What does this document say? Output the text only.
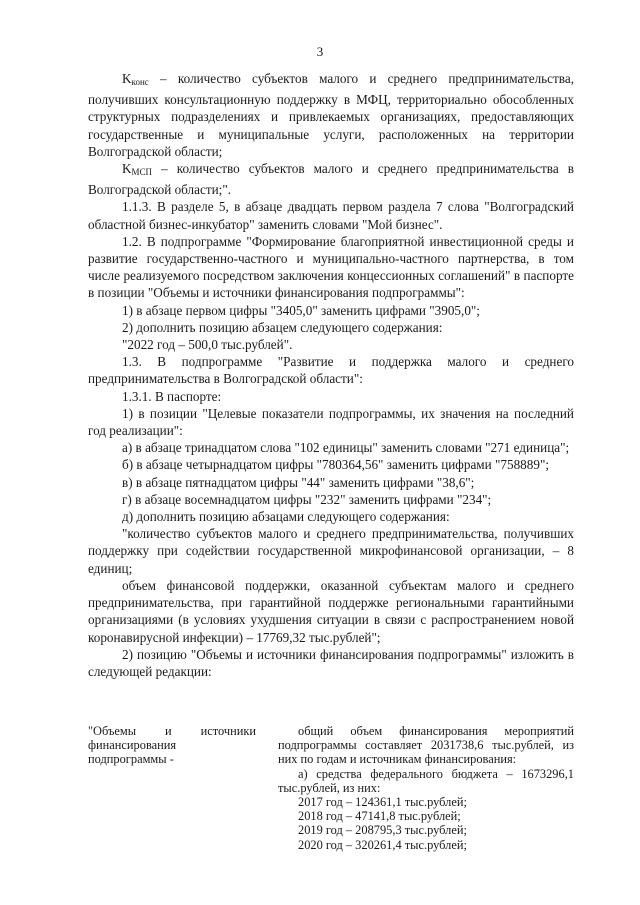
3

$K_{конс}$ – количество субъектов малого и среднего предпринимательства, получивших консультационную поддержку в МФЦ, территориально обособленных структурных подразделениях и привлекаемых организациях, предоставляющих государственные и муниципальные услуги, расположенных на территории Волгоградской области;

$K_{МСП}$ – количество субъектов малого и среднего предпринимательства в Волгоградской области;".

1.1.3. В разделе 5, в абзаце двадцать первом раздела 7 слова "Волгоградский областной бизнес-инкубатор" заменить словами "Мой бизнес".

1.2. В подпрограмме "Формирование благоприятной инвестиционной среды и развитие государственно-частного и муниципально-частного партнерства, в том числе реализуемого посредством заключения концессионных соглашений" в паспорте в позиции "Объемы и источники финансирования подпрограммы":

1) в абзаце первом цифры "3405,0" заменить цифрами "3905,0";

2) дополнить позицию абзацем следующего содержания:

"2022 год – 500,0 тыс.рублей".

1.3. В подпрограмме "Развитие и поддержка малого и среднего предпринимательства в Волгоградской области":

1.3.1. В паспорте:

1) в позиции "Целевые показатели подпрограммы, их значения на последний год реализации":

а) в абзаце тринадцатом слова "102 единицы" заменить словами "271 единица";

б) в абзаце четырнадцатом цифры "780364,56" заменить цифрами "758889";

в) в абзаце пятнадцатом цифры "44" заменить цифрами "38,6";

г) в абзаце восемнадцатом цифры "232" заменить цифрами "234";

д) дополнить позицию абзацами следующего содержания:

"количество субъектов малого и среднего предпринимательства, получивших поддержку при содействии государственной микрофинансовой организации, – 8 единиц;

объем финансовой поддержки, оказанной субъектам малого и среднего предпринимательства, при гарантийной поддержке региональными гарантийными организациями (в условиях ухудшения ситуации в связи с распространением новой коронавирусной инфекции) – 17769,32 тыс.рублей";

2) позицию "Объемы и источники финансирования подпрограммы" изложить в следующей редакции:

"Объемы и источники финансирования подпрограммы -

общий объем финансирования мероприятий подпрограммы составляет 2031738,6 тыс.рублей, из них по годам и источникам финансирования:

а) средства федерального бюджета – 1673296,1 тыс.рублей, из них:

2017 год – 124361,1 тыс.рублей;

2018 год – 47141,8 тыс.рублей;

2019 год – 208795,3 тыс.рублей;

2020 год – 320261,4 тыс.рублей;
